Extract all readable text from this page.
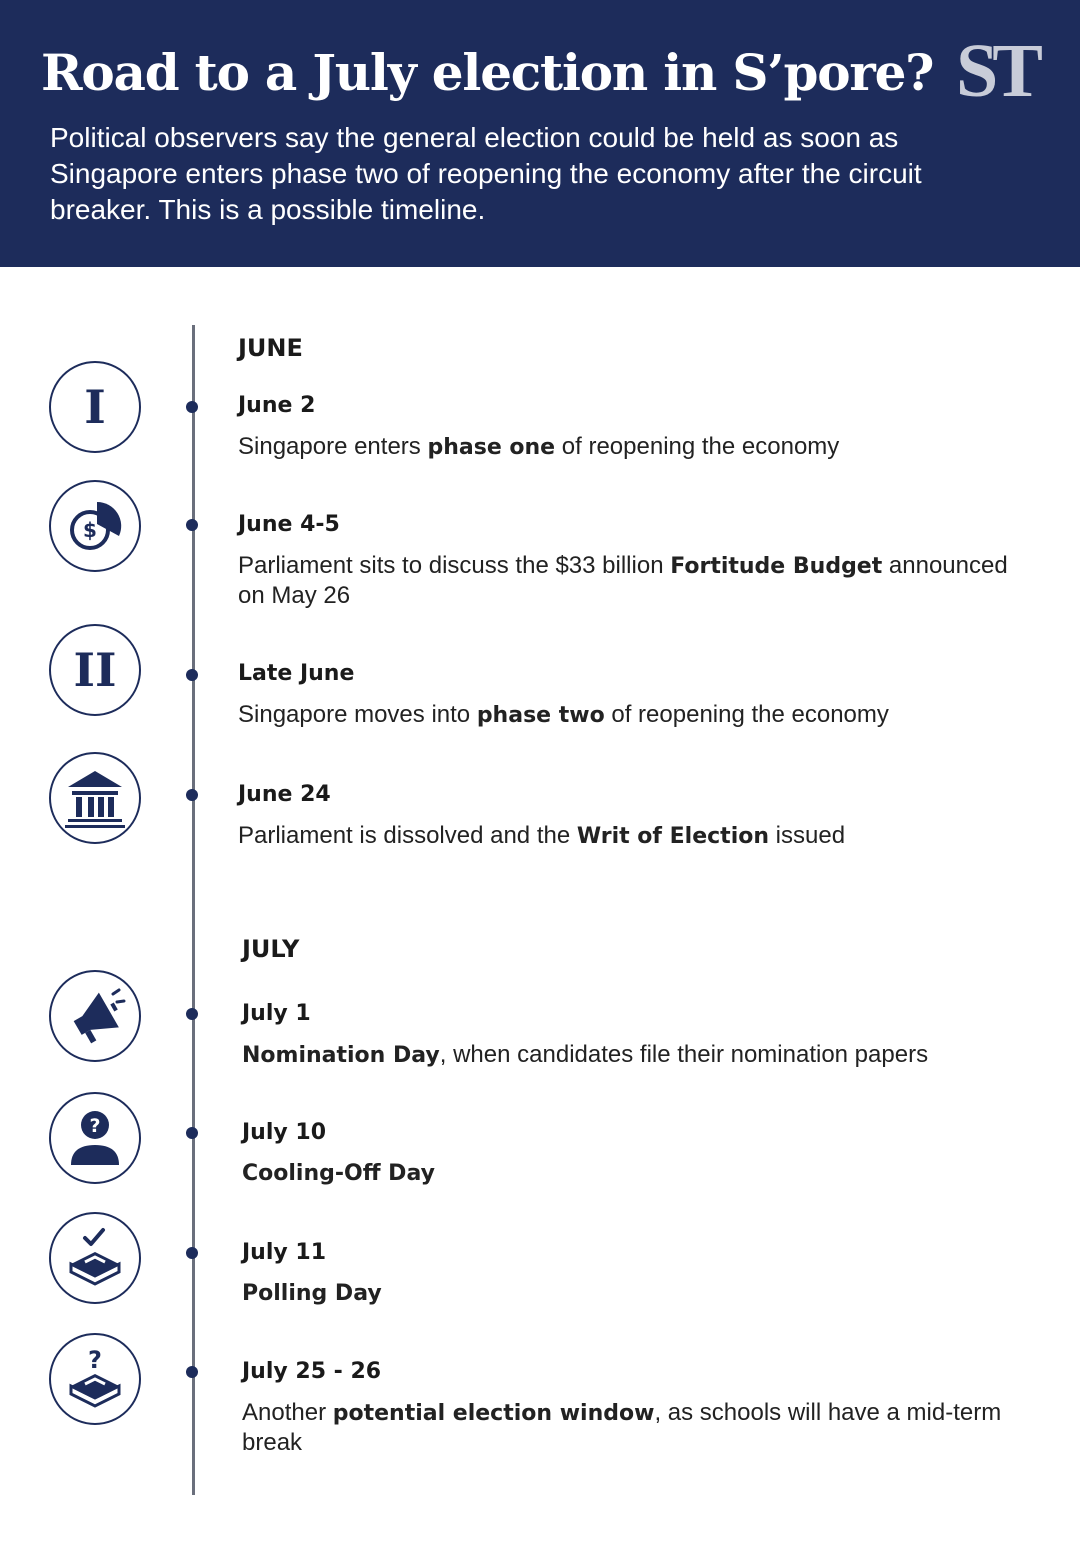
Road to a July election in S’pore? ST

Political observers say the general election could be held as soon as Singapore enters phase two of reopening the economy after the circuit breaker. This is a possible timeline.

JUNE
JULY
I	June 2

Singapore enters phase one of reopening the economy

$	June 4-5

Parliament sits to discuss the $33 billion Fortitude Budget announced on May 26

II	Late June

Singapore moves into phase two of reopening the economy

June 24

Parliament is dissolved and the Writ of Election issued

July 1

Nomination Day, when candidates file their nomination papers

?	July 10

Cooling-Off Day

July 11

Polling Day

?	July 25 - 26

Another potential election window, as schools will have a mid-term break
